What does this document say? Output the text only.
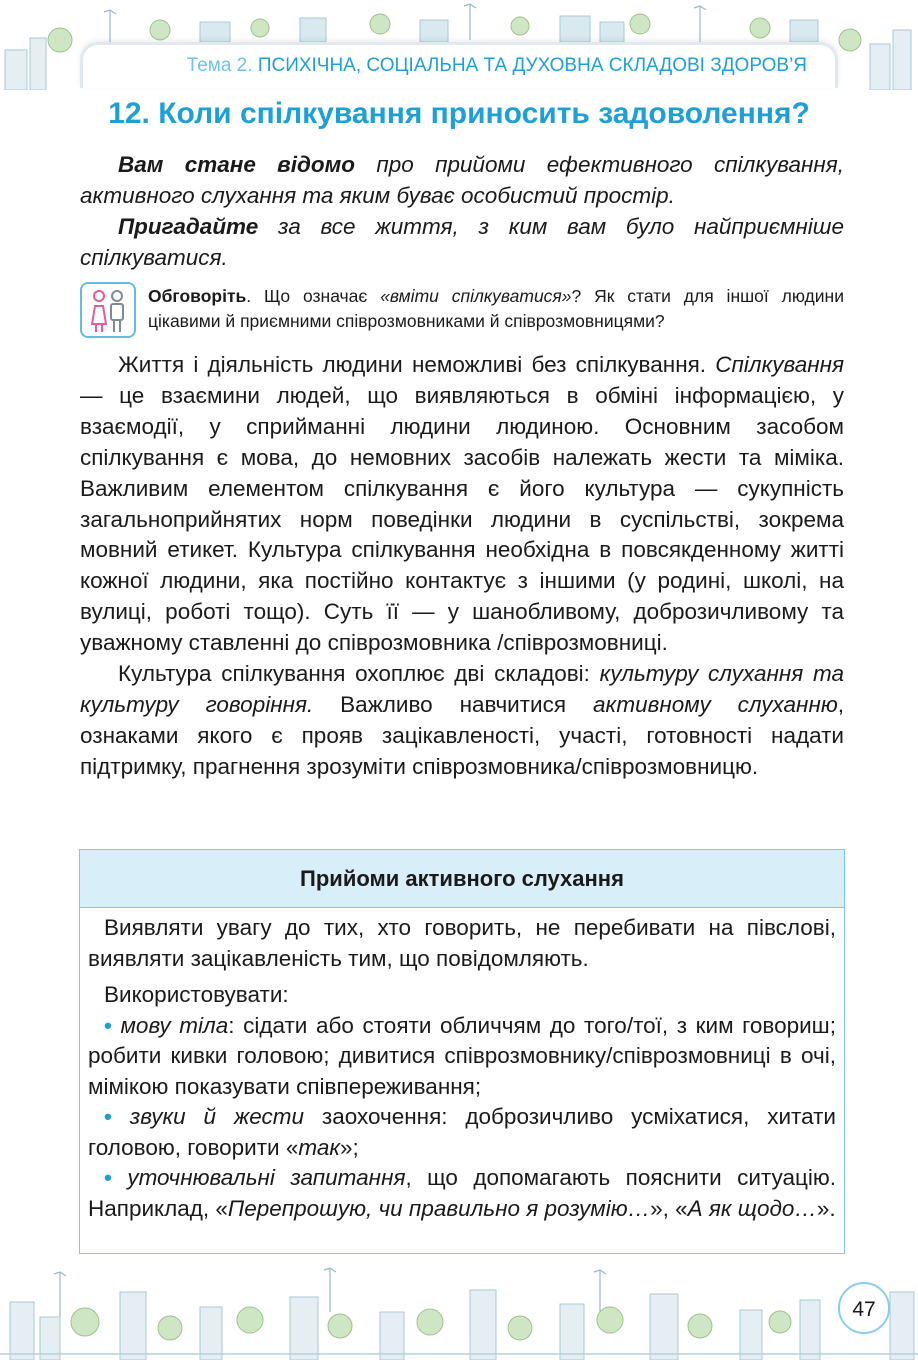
Тема 2. ПСИХІЧНА, СОЦІАЛЬНА ТА ДУХОВНА СКЛАДОВІ ЗДОРОВ’Я
12. Коли спілкування приносить задоволення?

Вам стане відомо про прийоми ефективного спілкування, активного слухання та яким буває особистий простір.

Пригадайте за все життя, з ким вам було найприємніше спілкуватися.

Обговоріть. Що означає «вміти спілкуватися»? Як стати для іншої людини цікавими й приємними співрозмовниками й співрозмовницями?

Життя і діяльність людини неможливі без спілкування. Спілкування — це взаємини людей, що виявляються в обміні інформацією, у взаємодії, у сприйманні людини людиною. Основним засобом спілкування є мова, до немовних засобів належать жести та міміка. Важливим елементом спілкування є його культура — сукупність загальноприйнятих норм поведінки людини в суспільстві, зокрема мовний етикет. Культура спілкування необхідна в повсякденному житті кожної людини, яка постійно контактує з іншими (у родині, школі, на вулиці, роботі тощо). Суть її — у шанобливому, доброзичливому та уважному ставленні до співрозмовника /співрозмовниці.

Культура спілкування охоплює дві складові: культуру слухання та культуру говоріння. Важливо навчитися активному слуханню, ознаками якого є прояв зацікавленості, участі, готовності надати підтримку, прагнення зрозуміти співрозмовника/співрозмовницю.

Прийоми активного слухання

Виявляти увагу до тих, хто говорить, не перебивати на півслові, виявляти зацікавленість тим, що повідомляють.

Використовувати:

• мову тіла: сідати або стояти обличчям до того/тої, з ким говориш; робити кивки головою; дивитися співрозмовнику/співрозмовниці в очі, мімікою показувати співпереживання;

• звуки й жести заохочення: доброзичливо усміхатися, хитати головою, говорити «так»;

• уточнювальні запитання, що допомагають пояснити ситуацію. Наприклад, «Перепрошую, чи правильно я розумію…», «А як щодо…».

47
